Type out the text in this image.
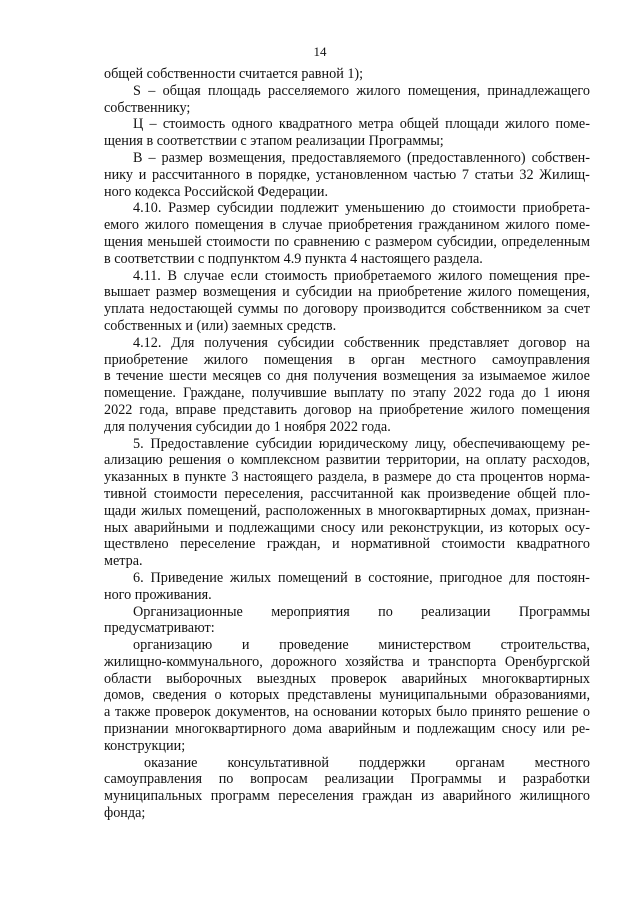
14
общей собственности считается равной 1);
S – общая площадь расселяемого жилого помещения, принадлежащего
собственнику;
Ц – стоимость одного квадратного метра общей площади жилого поме-
щения в соответствии с этапом реализации Программы;
В – размер возмещения, предоставляемого (предоставленного) собствен-
нику и рассчитанного в порядке, установленном частью 7 статьи 32 Жилищ-
ного кодекса Российской Федерации.
4.10. Размер субсидии подлежит уменьшению до стоимости приобрета-
емого жилого помещения в случае приобретения гражданином жилого поме-
щения меньшей стоимости по сравнению с размером субсидии, определенным
в соответствии с подпунктом 4.9 пункта 4 настоящего раздела.
4.11. В случае если стоимость приобретаемого жилого помещения пре-
вышает размер возмещения и субсидии на приобретение жилого помещения,
уплата недостающей суммы по договору производится собственником за счет
собственных и (или) заемных средств.
4.12. Для получения субсидии собственник представляет договор на
приобретение жилого помещения в орган местного самоуправления
в течение шести месяцев со дня получения возмещения за изымаемое жилое
помещение. Граждане, получившие выплату по этапу 2022 года до 1 июня
2022 года, вправе представить договор на приобретение жилого помещения
для получения субсидии до 1 ноября 2022 года.
5. Предоставление субсидии юридическому лицу, обеспечивающему ре-
ализацию решения о комплексном развитии территории, на оплату расходов,
указанных в пункте 3 настоящего раздела, в размере до ста процентов норма-
тивной стоимости переселения, рассчитанной как произведение общей пло-
щади жилых помещений, расположенных в многоквартирных домах, признан-
ных аварийными и подлежащими сносу или реконструкции, из которых осу-
ществлено переселение граждан, и нормативной стоимости квадратного
метра.
6. Приведение жилых помещений в состояние, пригодное для постоян-
ного проживания.
Организационные мероприятия по реализации Программы
предусматривают:
организацию и проведение министерством строительства,
жилищно-коммунального, дорожного хозяйства и транспорта Оренбургской
области выборочных выездных проверок аварийных многоквартирных
домов, сведения о которых представлены муниципальными образованиями,
а также проверок документов, на основании которых было принято решение о
признании многоквартирного дома аварийным и подлежащим сносу или ре-
конструкции;
оказание консультативной поддержки органам местного
самоуправления по вопросам реализации Программы и разработки
муниципальных программ переселения граждан из аварийного жилищного
фонда;
